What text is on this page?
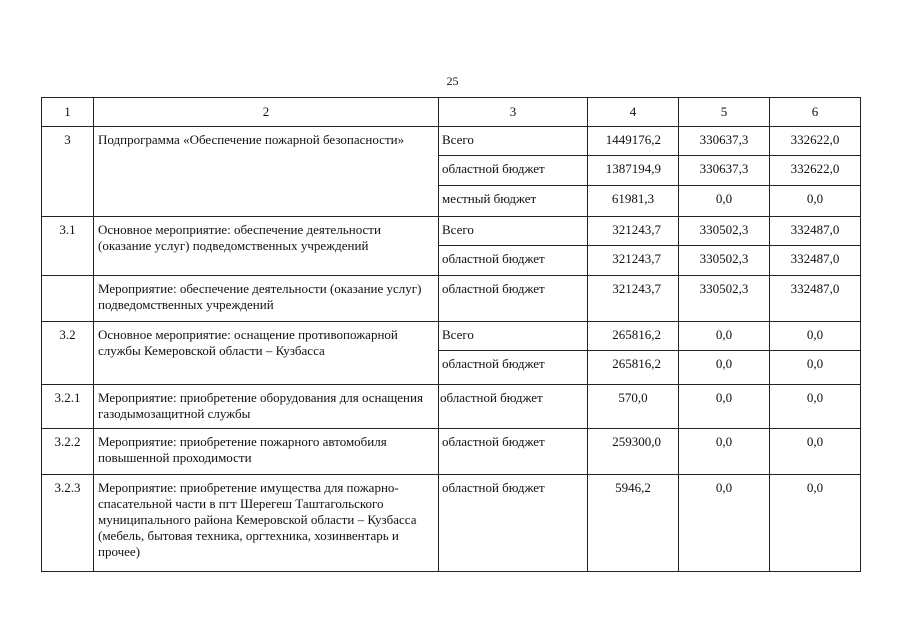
25
1	2	3	4	5	6
3	Подпрограмма «Обеспечение пожарной безопасности»	Всего	1449176,2	330637,3	332622,0
		областной бюджет	1387194,9	330637,3	332622,0
		местный бюджет	61981,3	0,0	0,0
3.1	Основное мероприятие: обеспечение деятельности (оказание услуг) подведомственных учреждений	Всего	321243,7	330502,3	332487,0
		областной бюджет	321243,7	330502,3	332487,0
	Мероприятие: обеспечение деятельности (оказание услуг) подведомственных учреждений	областной бюджет	321243,7	330502,3	332487,0
3.2	Основное мероприятие: оснащение противопожарной службы Кемеровской области – Кузбасса	Всего	265816,2	0,0	0,0
		областной бюджет	265816,2	0,0	0,0
3.2.1	Мероприятие: приобретение оборудования для оснащения газодымозащитной службы	областной бюджет	570,0	0,0	0,0
3.2.2	Мероприятие: приобретение пожарного автомобиля повышенной проходимости	областной бюджет	259300,0	0,0	0,0
3.2.3	Мероприятие: приобретение имущества для пожарно-спасательной части в пгт Шерегеш Таштагольского муниципального района Кемеровской области – Кузбасса (мебель, бытовая техника, оргтехника, хозинвентарь и прочее)	областной бюджет	5946,2	0,0	0,0
